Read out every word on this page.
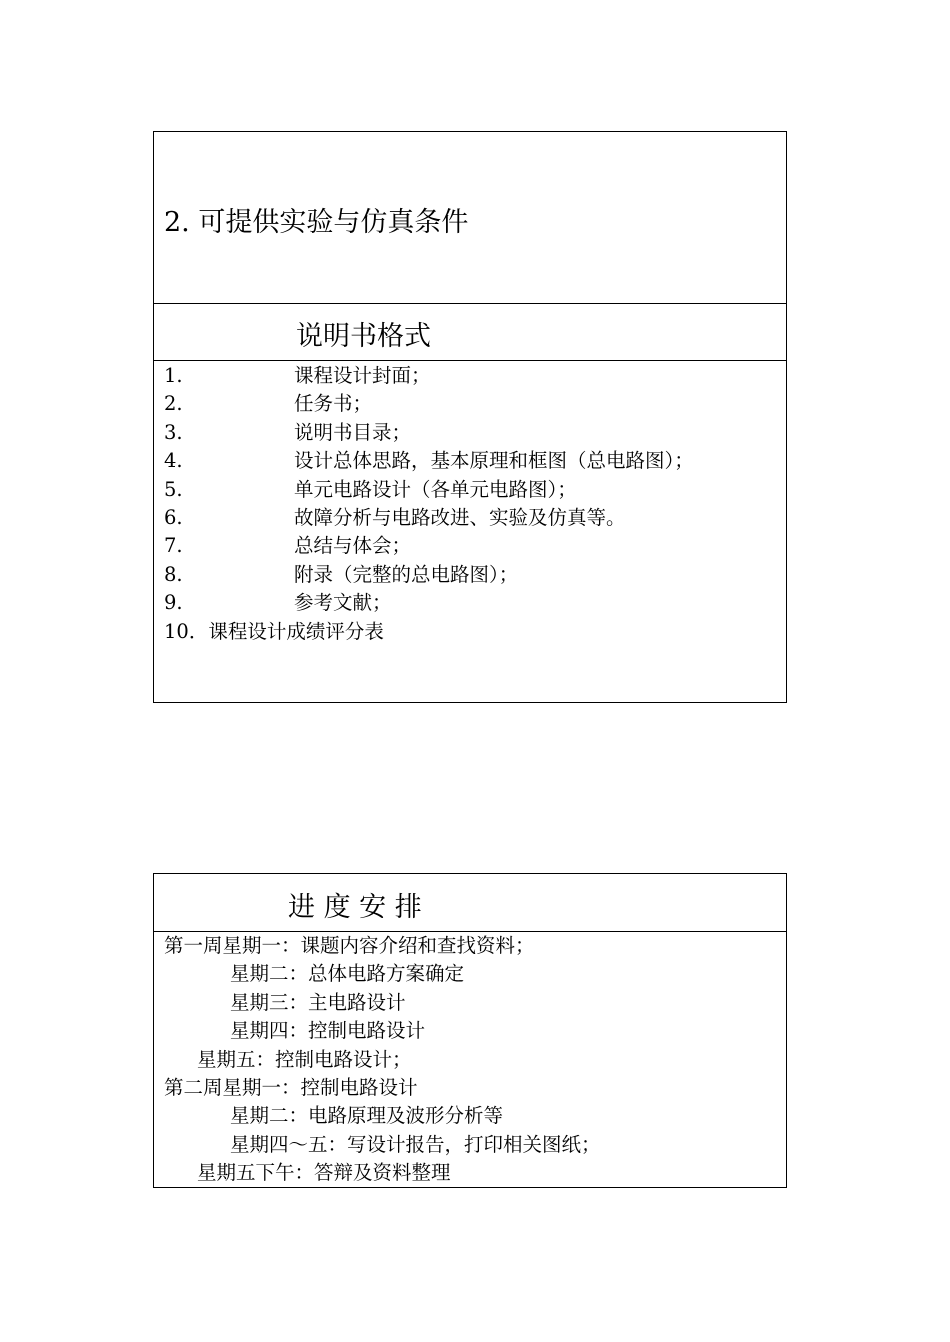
2. 可提供实验与仿真条件
说明书格式
1.	课程设计封面；
2.	任务书；
3.	说明书目录；
4.	设计总体思路，基本原理和框图（总电路图）；
5.	单元电路设计（各单元电路图）；
6.	故障分析与电路改进、实验及仿真等。
7.	总结与体会；
8.	附录（完整的总电路图）；
9.	参考文献；
10．课程设计成绩评分表
进 度 安 排
第一周星期一：课题内容介绍和查找资料；
星期二：总体电路方案确定
星期三：主电路设计
星期四：控制电路设计
星期五：控制电路设计；
第二周星期一：控制电路设计
星期二：电路原理及波形分析等
星期四～五：写设计报告，打印相关图纸；
星期五下午：答辩及资料整理
